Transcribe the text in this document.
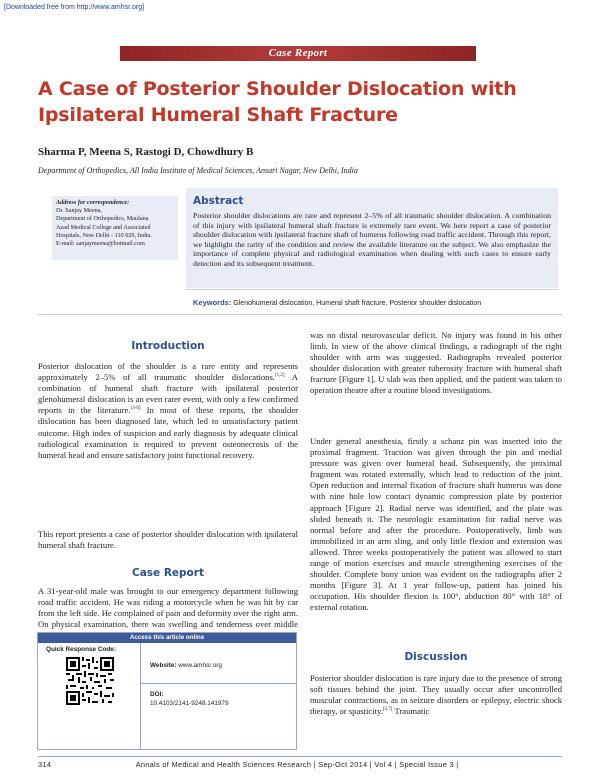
[Downloaded free from http://www.amhsr.org]
Case Report
A Case of Posterior Shoulder Dislocation with Ipsilateral Humeral Shaft Fracture
Sharma P, Meena S, Rastogi D, Chowdhury B
Department of Orthopedics, All India Institute of Medical Sciences, Ansari Nagar, New Delhi, India
Address for correspondence:
Dr. Sanjay Meena,
Department of Orthopedics, Maulana
Azad Medical College and Associated
Hospitals, New Delhi - 110 029, India.
E-mail: sanjaymeena@hotmail.com
Abstract
Posterior shoulder dislocations are rare and represent 2–5% of all traumatic shoulder dislocation. A combination of this injury with ipsilateral humeral shaft fracture is extremely rare event. We here report a case of posterior shoulder dislocation with ipsilateral fracture shaft of humerus following road traffic accident. Through this report, we highlight the rarity of the condition and review the available literature on the subject. We also emphasize the importance of complete physical and radiological examination when dealing with such cases to ensure early detection and its subsequent treatment.
Keywords: Glenohumeral dislocation, Humeral shaft fracture, Posterior shoulder dislocation
Introduction
Posterior dislocation of the shoulder is a rare entity and represents approximately 2–5% of all traumatic shoulder dislocations.[1,2] A combination of humeral shaft fracture with ipsilateral posterior glenohumeral dislocation is an even rarer event, with only a few confirmed reports in the literature.[3-6] In most of these reports, the shoulder dislocation has been diagnosed late, which led to unsatisfactory patient outcome. High index of suspicion and early diagnosis by adequate clinical radiological examination is required to prevent osteonecrosis of the humeral head and ensure satisfactory joint functional recovery.
This report presents a case of posterior shoulder dislocation with ipsilateral humeral shaft fracture.
Case Report
A 31-year-old male was brought to our emergency department following road traffic accident. He was riding a motorcycle when he was hit by car from the left side. He complained of pain and deformity over the right arm. On physical examination, there was swelling and tenderness over middle
Access this article online
Quick Response Code:
Website: www.amhsr.org
DOI:
10.4103/2141-9248.141979
was no distal neurovascular deficit. No injury was found in his other limb. In view of the above clinical findings, a radiograph of the right shoulder with arm was suggested. Radiographs revealed posterior shoulder dislocation with greater tuberosity fracture with humeral shaft fracture [Figure 1]. U slab was then applied, and the patient was taken to operation theatre after a routine blood investigations.
Under general anesthesia, firstly a schanz pin was inserted into the proximal fragment. Traction was given through the pin and medial pressure was given over humeral head. Subsequently, the proximal fragment was rotated externally, which lead to reduction of the joint. Open reduction and internal fixation of fracture shaft humerus was done with nine hole low contact dynamic compression plate by posterior approach [Figure 2]. Radial nerve was identified, and the plate was slided beneath it. The neurologic examination for radial nerve was normal before and after the procedure. Postoperatively, limb was immobilized in an arm sling, and only little flexion and extension was allowed. Three weeks postoperatively the patient was allowed to start range of motion exercises and muscle strengthening exercises of the shoulder. Complete bony union was evident on the radiographs after 2 months [Figure 3]. At 1 year follow-up, patient has joined his occupation. His shoulder flexion is 100°, abduction 80° with 18° of external rotation.
Discussion
Posterior shoulder dislocation is rare injury due to the presence of strong soft tissues behind the joint. They usually occur after uncontrolled muscular contractions, as in seizure disorders or epilepsy, electric shock therapy, or spasticity.[2,7] Traumatic
314	Annals of Medical and Health Sciences Research | Sep-Oct 2014 | Vol 4 | Special Issue 3 |
